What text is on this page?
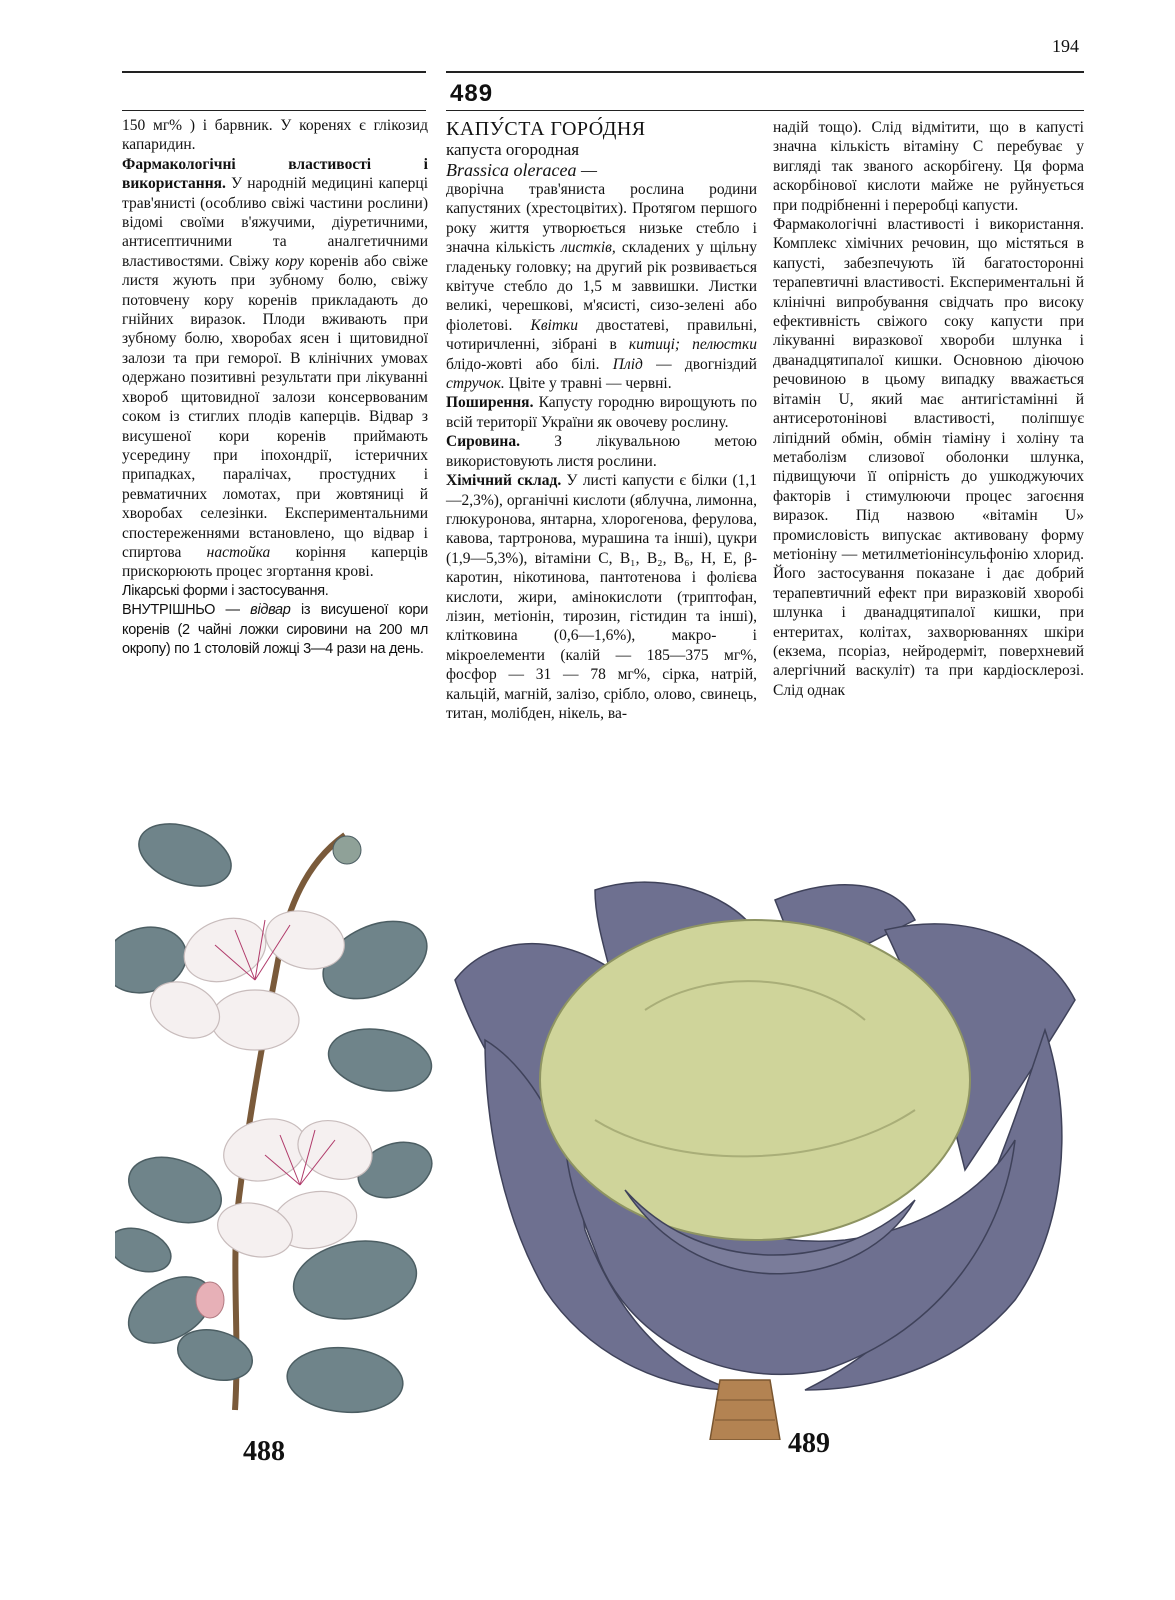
194
489

150 мг% ) і барвник. У коренях є глікозид капаридин.

Фармакологічні властивості і використання. У народній медицині каперці трав'янисті (особливо свіжі частини рослини) відомі своїми в'яжучими, діуретичними, антисептичними та аналгетичними властивостями. Свіжу кору коренів або свіже листя жують при зубному болю, свіжу потовчену кору коренів прикладають до гнійних виразок. Плоди вживають при зубному болю, хворобах ясен і щитовидної залози та при геморої. В клінічних умовах одержано позитивні результати при лікуванні хвороб щитовидної залози консервованим соком із стиглих плодів каперців. Відвар з висушеної кори коренів приймають усередину при іпохондрії, істеричних припадках, паралічах, простудних і ревматичних ломотах, при жовтяниці й хворобах селезінки. Експериментальними спостереженнями встановлено, що відвар і спиртова настойка коріння каперців прискорюють процес згортання крові.

Лікарські форми і застосування.

ВНУТРІШНЬО — відвар із висушеної кори коренів (2 чайні ложки сировини на 200 мл окропу) по 1 столовій ложці 3—4 рази на день.

КАПУ́СТА ГОРО́ДНЯ

капуста огородная

Brassica oleracea —

дворічна трав'яниста рослина родини капустяних (хрестоцвітих). Протягом першого року життя утворюється низьке стебло і значна кількість листків, складених у щільну гладеньку головку; на другий рік розвивається квітуче стебло до 1,5 м заввишки. Листки великі, черешкові, м'ясисті, сизо-зелені або фіолетові. Квітки двостатеві, правильні, чотиричленні, зібрані в китиці; пелюстки блідо-жовті або білі. Плід — двогніздий стручок. Цвіте у травні — червні.

Поширення. Капусту городню вирощують по всій території України як овочеву рослину.

Сировина. З лікувальною метою використовують листя рослини.

Хімічний склад. У листі капусти є білки (1,1—2,3%), органічні кислоти (яблучна, лимонна, глюкуронова, янтарна, хлорогенова, ферулова, кавова, тартронова, мурашина та інші), цукри (1,9—5,3%), вітаміни С, B₁, B₂, B₆, Н, Е, β-каротин, нікотинова, пантотенова і фолієва кислоти, жири, амінокислоти (триптофан, лізин, метіонін, тирозин, гістидин та інші), клітковина (0,6—1,6%), макро- і мікроелементи (калій — 185—375 мг%, фосфор — 31 — 78 мг%, сірка, натрій, кальцій, магній, залізо, срібло, олово, свинець, титан, молібден, нікель, ва-

надій тощо). Слід відмітити, що в капусті значна кількість вітаміну С перебуває у вигляді так званого аскорбігену. Ця форма аскорбінової кислоти майже не руйнується при подрібненні і переробці капусти.

Фармакологічні властивості і використання. Комплекс хімічних речовин, що містяться в капусті, забезпечують їй багатосторонні терапевтичні властивості. Експериментальні й клінічні випробування свідчать про високу ефективність свіжого соку капусти при лікуванні виразкової хвороби шлунка і дванадцятипалої кишки. Основною діючою речовиною в цьому випадку вважається вітамін U, який має антигістамінні й антисеротонінові властивості, поліпшує ліпідний обмін, обмін тіаміну і холіну та метаболізм слизової оболонки шлунка, підвищуючи її опірність до ушкоджуючих факторів і стимулюючи процес загоєння виразок. Під назвою «вітамін U» промисловість випускає активовану форму метіоніну — метилметіонінсульфонію хлорид. Його застосування показане і дає добрий терапевтичний ефект при виразковій хворобі шлунка і дванадцятипалої кишки, при ентеритах, колітах, захворюваннях шкіри (екзема, псоріаз, нейродерміт, поверхневий алергічний васкуліт) та при кардіосклерозі. Слід однак

488	489
